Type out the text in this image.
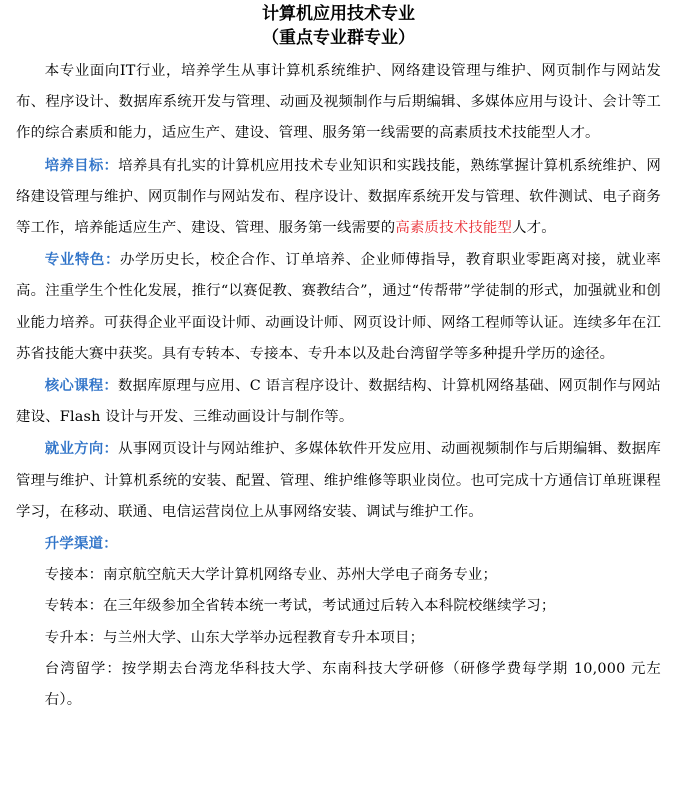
计算机应用技术专业
（重点专业群专业）

本专业面向IT行业，培养学生从事计算机系统维护、网络建设管理与维护、网页制作与网站发布、程序设计、数据库系统开发与管理、动画及视频制作与后期编辑、多媒体应用与设计、会计等工作的综合素质和能力，适应生产、建设、管理、服务第一线需要的高素质技术技能型人才。

培养目标：培养具有扎实的计算机应用技术专业知识和实践技能，熟练掌握计算机系统维护、网络建设管理与维护、网页制作与网站发布、程序设计、数据库系统开发与管理、软件测试、电子商务等工作，培养能适应生产、建设、管理、服务第一线需要的高素质技术技能型人才。

专业特色：办学历史长，校企合作、订单培养、企业师傅指导，教育职业零距离对接，就业率高。注重学生个性化发展，推行“以赛促教、赛教结合”，通过“传帮带”学徒制的形式，加强就业和创业能力培养。可获得企业平面设计师、动画设计师、网页设计师、网络工程师等认证。连续多年在江苏省技能大赛中获奖。具有专转本、专接本、专升本以及赴台湾留学等多种提升学历的途径。

核心课程：数据库原理与应用、C 语言程序设计、数据结构、计算机网络基础、网页制作与网站建设、Flash 设计与开发、三维动画设计与制作等。

就业方向：从事网页设计与网站维护、多媒体软件开发应用、动画视频制作与后期编辑、数据库管理与维护、计算机系统的安装、配置、管理、维护维修等职业岗位。也可完成十方通信订单班课程学习，在移动、联通、电信运营岗位上从事网络安装、调试与维护工作。

升学渠道：

专接本：南京航空航天大学计算机网络专业、苏州大学电子商务专业；

专转本：在三年级参加全省转本统一考试，考试通过后转入本科院校继续学习；

专升本：与兰州大学、山东大学举办远程教育专升本项目；

台湾留学：按学期去台湾龙华科技大学、东南科技大学研修（研修学费每学期 10,000 元左右）。
